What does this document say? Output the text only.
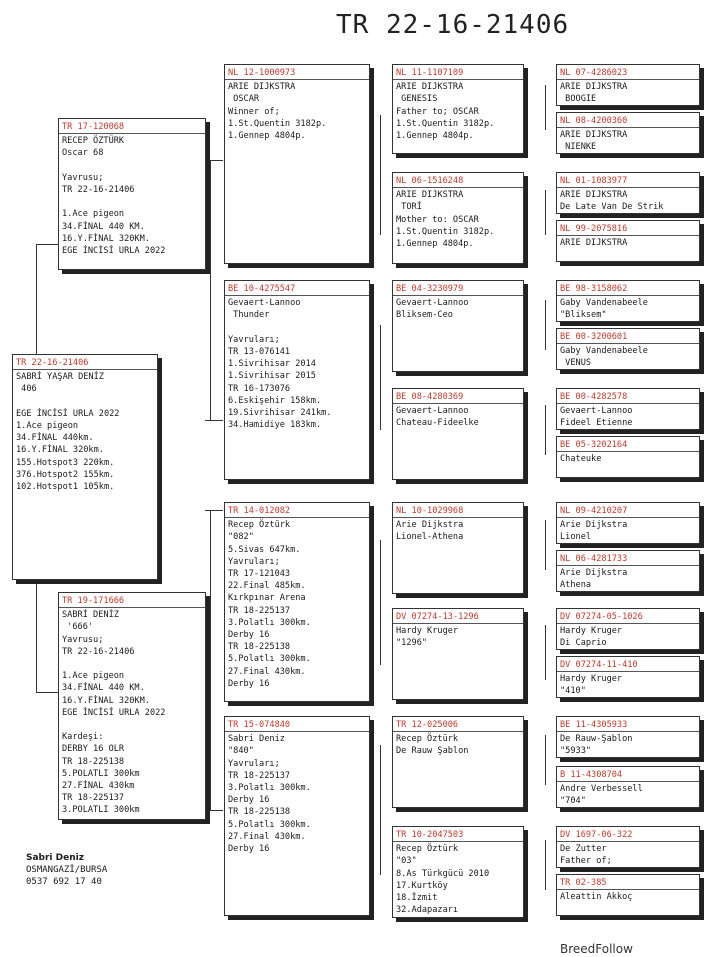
TR 22-16-21406
TR 22-16-21406
SABRİ YAŞAR DENİZ
406

EGE İNCİSİ URLA 2022
1.Ace pigeon
34.FİNAL 440km.
16.Y.FİNAL 320km.
155.Hotspot3 220km.
376.Hotspot2 155km.
102.Hotspot1 105km.
TR 17-120068
RECEP ÖZTÜRK
Oscar 68

Yavrusu;
TR 22-16-21406

1.Ace pigeon
34.FİNAL 440 KM.
16.Y.FİNAL 320KM.
EGE İNCİSİ URLA 2022
TR 19-171666
SABRİ DENİZ
'666'
Yavrusu;
TR 22-16-21406

1.Ace pigeon
34.FİNAL 440 KM.
16.Y.FİNAL 320KM.
EGE İNCİSİ URLA 2022

Kardeşi:
DERBY 16 OLR
TR 18-225138
5.POLATLI 300km
27.FİNAL 430km
TR 18-225137
3.POLATLI 300km
NL 12-1000973
ARIE DIJKSTRA
OSCAR
Winner of;
1.St.Quentin 3182p.
1.Gennep 4804p.
BE 10-4275547
Gevaert-Lannoo
Thunder

Yavruları;
TR 13-076141
1.Sivrihisar 2014
1.Sivrihisar 2015
TR 16-173076
6.Eskişehir 158km.
19.Sivrihisar 241km.
34.Hamidiye 183km.
TR 14-012082
Recep Öztürk
"082"
5.Sivas 647km.
Yavruları;
TR 17-121043
22.Final 485km.
Kırkpınar Arena
TR 18-225137
3.Polatlı 300km.
Derby 16
TR 18-225138
5.Polatlı 300km.
27.Final 430km.
Derby 16
TR 15-074840
Sabri Deniz
"840"
Yavruları;
TR 18-225137
3.Polatlı 300km.
Derby 16
TR 18-225138
5.Polatlı 300km.
27.Final 430km.
Derby 16
NL 11-1107109
ARIE DIJKSTRA
GENESIS
Father to; OSCAR
1.St.Quentin 3182p.
1.Gennep 4804p.
NL 06-1516248
ARIE DIJKSTRA
TORİ
Mother to: OSCAR
1.St.Quentin 3182p.
1.Gennep 4804p.
BE 04-3230979
Gevaert-Lannoo
Bliksem-Ceo
BE 08-4280369
Gevaert-Lannoo
Chateau-Fideelke
NL 10-1029968
Arie Dijkstra
Lionel-Athena
DV 07274-13-1296
Hardy Kruger
"1296"
TR 12-025006
Recep Öztürk
De Rauw Şablon
TR 10-2047503
Recep Öztürk
"03"
8.As Türkgücü 2010
17.Kurtköy
18.İzmit
32.Adapazarı
NL 07-4286023
ARIE DIJKSTRA
BOOGIE
NL 08-4200360
ARIE DIJKSTRA
NIENKE
NL 01-1083977
ARIE DIJKSTRA
De Late Van De Strik
NL 99-2075816
ARIE DIJKSTRA
BE 98-3158062
Gaby Vandenabeele
"Bliksem"
BE 00-3200601
Gaby Vandenabeele
VENUS
BE 00-4282578
Gevaert-Lannoo
Fideel Etienne
BE 05-3202164
Chateuke
NL 09-4210207
Arie Dijkstra
Lionel
NL 06-4281733
Arie Dijkstra
Athena
DV 07274-05-1026
Hardy Kruger
Di Caprio
DV 07274-11-410
Hardy Kruger
"410"
BE 11-4305933
De Rauw-Şablon
"5933"
B 11-4308704
Andre Verbessell
"704"
DV 1697-06-322
De Zutter
Father of;
TR 02-385
Aleattin Akkoç
Sabri Deniz
OSMANGAZİ/BURSA
0537 692 17 40
BreedFollow
